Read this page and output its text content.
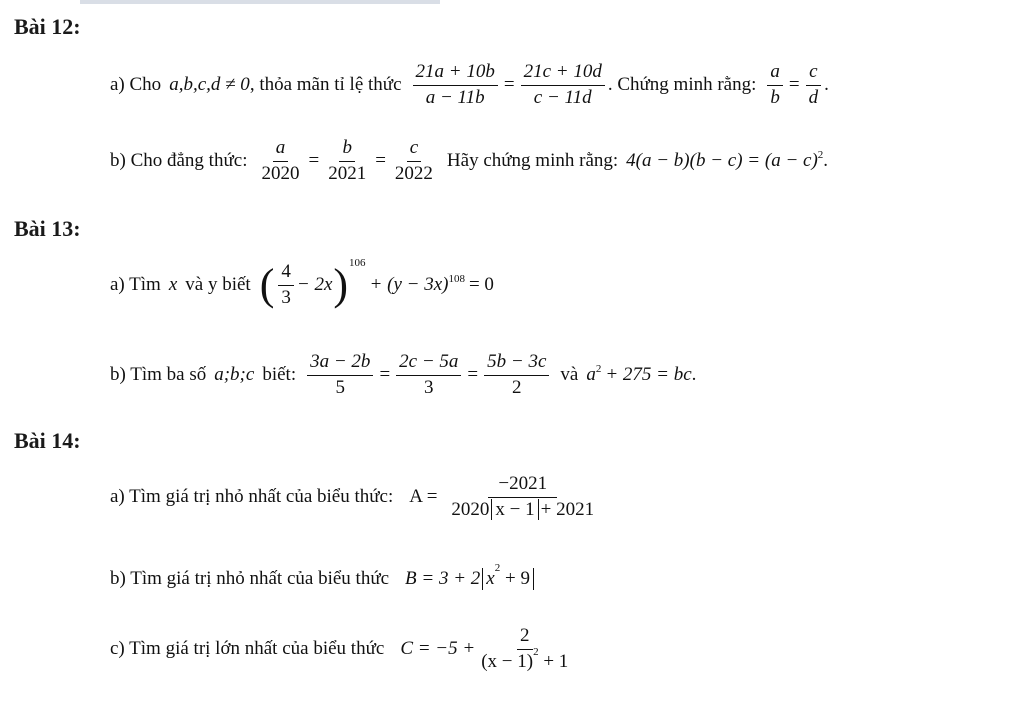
Bài 12:
a) Cho a,b,c,d ≠ 0 , thỏa mãn tỉ lệ thức $\frac{21a + 10b}{a - 11b} = \frac{21c + 10d}{c - 11d}$ . Chứng minh rằng: $\frac{a}{b} = \frac{c}{d}$ .
b) Cho đẳng thức: $\frac{a}{2020} = \frac{b}{2021} = \frac{c}{2022}$ Hãy chứng minh rằng: $4(a - b)(b - c) = (a - c)^2$ .
Bài 13:
a) Tìm x và y biết ( $\frac{4}{3} - 2x$ )$^{106}$
+ $(y - 3x)^{108} = 0$
b) Tìm ba số a;b;c biết: $\frac{3a - 2b}{5} = \frac{2c - 5a}{3} = \frac{5b - 3c}{2}$ và $a^2 + 275$ = bc .
Bài 14:
a) Tìm giá trị nhỏ nhất của biểu thức: $A = \frac{-2021}{2020 x - 1 + 2021}$
b) Tìm giá trị nhỏ nhất của biểu thức B = 3 + 2 $x^2 + 9$
c) Tìm giá trị lớn nhất của biểu thức $C = -5 + \frac{2}{(x - 1)^2 + 1}$
